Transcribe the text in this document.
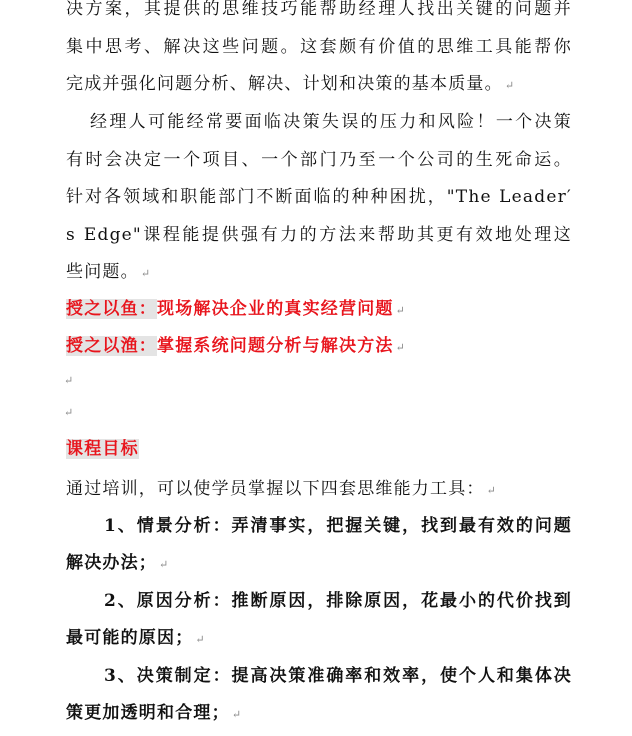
决方案，其提供的思维技巧能帮助经理人找出关键的问题并
集中思考、解决这些问题。这套颇有价值的思维工具能帮你
完成并强化问题分析、解决、计划和决策的基本质量。 ↵
经理人可能经常要面临决策失误的压力和风险！一个决策
有时会决定一个项目、一个部门乃至一个公司的生死命运。
针对各领域和职能部门不断面临的种种困扰，"The Leader′
s Edge"课程能提供强有力的方法来帮助其更有效地处理这
些问题。 ↵
授之以鱼：现场解决企业的真实经营问题 ↵
授之以渔：掌握系统问题分析与解决方法 ↵
↵
↵
课程目标
通过培训，可以使学员掌握以下四套思维能力工具： ↵
1、情景分析：弄清事实，把握关键，找到最有效的问题
解决办法； ↵
2、原因分析：推断原因，排除原因，花最小的代价找到
最可能的原因； ↵
3、决策制定：提高决策准确率和效率，使个人和集体决
策更加透明和合理； ↵
